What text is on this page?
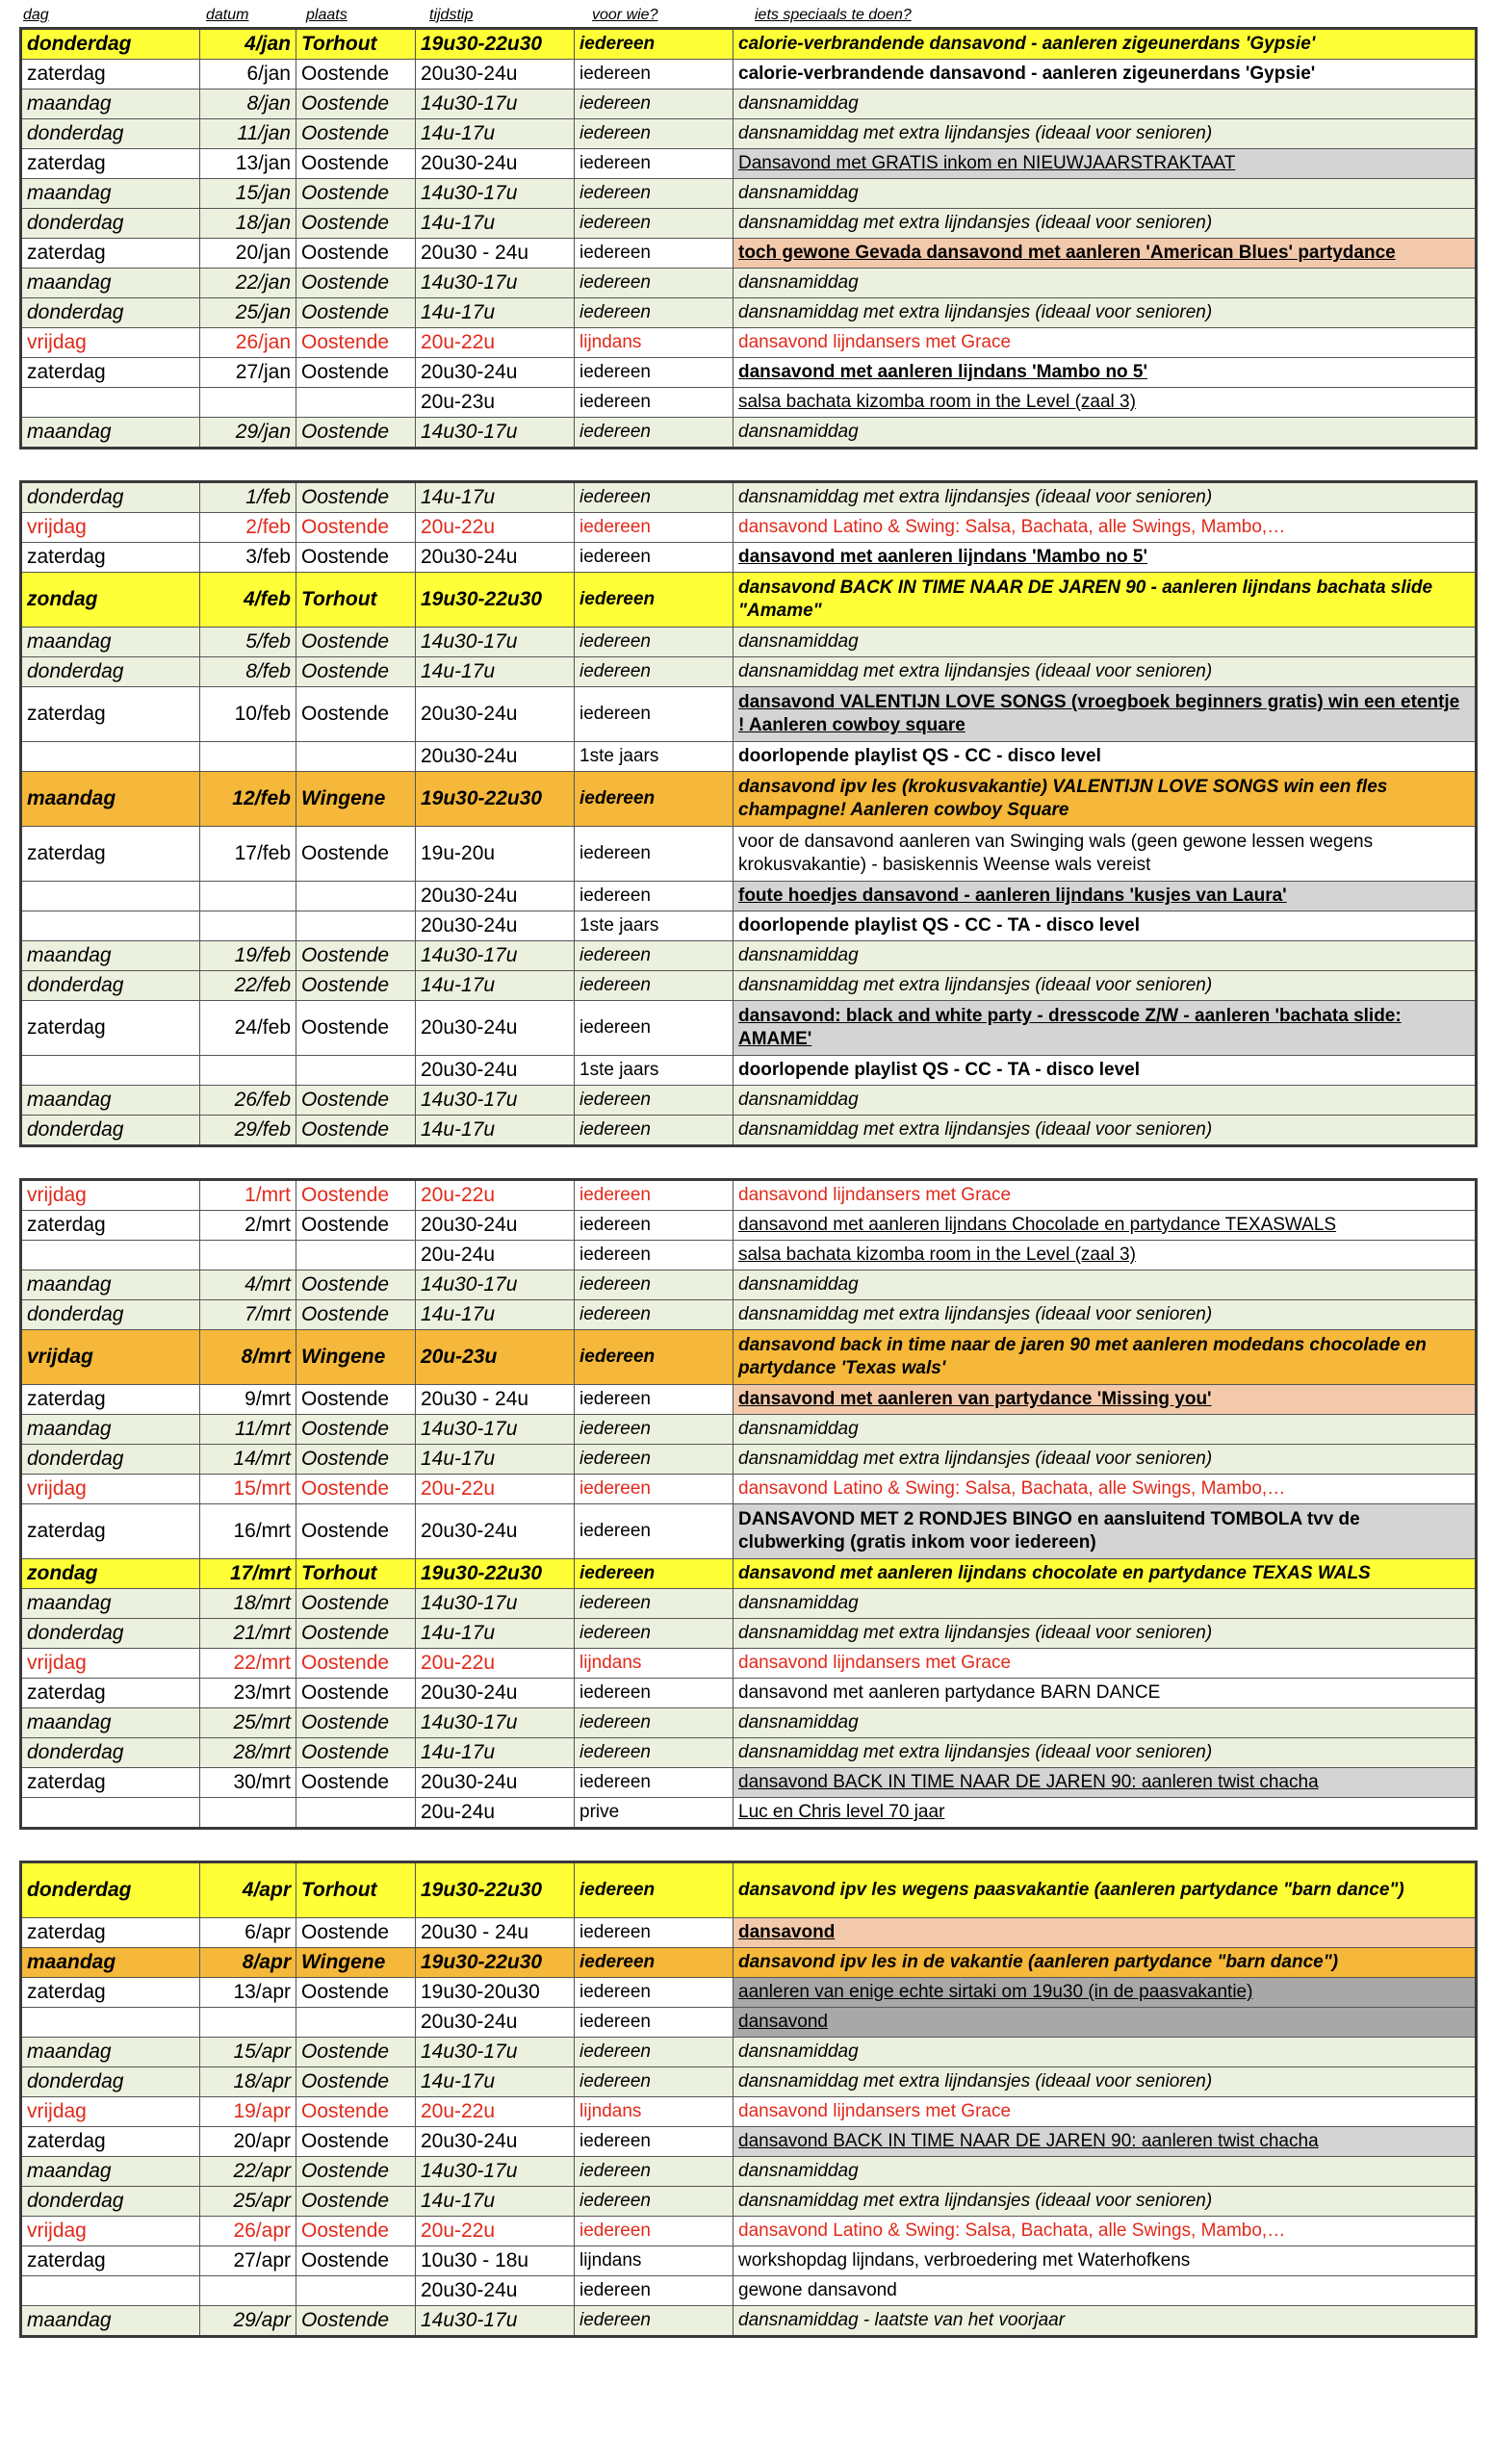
dag	datum	plaats	tijdstip	voor wie?	iets speciaals te doen?
donderdag	4/jan	Torhout	19u30-22u30	iedereen	calorie-verbrandende dansavond - aanleren zigeunerdans 'Gypsie'
zaterdag	6/jan	Oostende	20u30-24u	iedereen	calorie-verbrandende dansavond - aanleren zigeunerdans 'Gypsie'
maandag	8/jan	Oostende	14u30-17u	iedereen	dansnamiddag
donderdag	11/jan	Oostende	14u-17u	iedereen	dansnamiddag met extra lijndansjes (ideaal voor senioren)
zaterdag	13/jan	Oostende	20u30-24u	iedereen	Dansavond met GRATIS inkom en NIEUWJAARSTRAKTAAT
maandag	15/jan	Oostende	14u30-17u	iedereen	dansnamiddag
donderdag	18/jan	Oostende	14u-17u	iedereen	dansnamiddag met extra lijndansjes (ideaal voor senioren)
zaterdag	20/jan	Oostende	20u30 - 24u	iedereen	toch gewone Gevada dansavond met aanleren 'American Blues' partydance
maandag	22/jan	Oostende	14u30-17u	iedereen	dansnamiddag
donderdag	25/jan	Oostende	14u-17u	iedereen	dansnamiddag met extra lijndansjes (ideaal voor senioren)
vrijdag	26/jan	Oostende	20u-22u	lijndans	dansavond lijndansers met Grace
zaterdag	27/jan	Oostende	20u30-24u	iedereen	dansavond met aanleren lijndans 'Mambo no 5'
			20u-23u	iedereen	salsa bachata kizomba room in the Level (zaal 3)
maandag	29/jan	Oostende	14u30-17u	iedereen	dansnamiddag
donderdag	1/feb	Oostende	14u-17u	iedereen	dansnamiddag met extra lijndansjes (ideaal voor senioren)
vrijdag	2/feb	Oostende	20u-22u	iedereen	dansavond Latino & Swing: Salsa, Bachata, alle Swings, Mambo,…
zaterdag	3/feb	Oostende	20u30-24u	iedereen	dansavond met aanleren lijndans 'Mambo no 5'
zondag	4/feb	Torhout	19u30-22u30	iedereen	dansavond BACK IN TIME NAAR DE JAREN 90 - aanleren lijndans bachata slide "Amame"
maandag	5/feb	Oostende	14u30-17u	iedereen	dansnamiddag
donderdag	8/feb	Oostende	14u-17u	iedereen	dansnamiddag met extra lijndansjes (ideaal voor senioren)
zaterdag	10/feb	Oostende	20u30-24u	iedereen	dansavond VALENTIJN LOVE SONGS (vroegboek beginners gratis) win een etentje ! Aanleren cowboy square
			20u30-24u	1ste jaars	doorlopende playlist QS - CC - disco level
maandag	12/feb	Wingene	19u30-22u30	iedereen	dansavond ipv les (krokusvakantie) VALENTIJN LOVE SONGS win een fles champagne! Aanleren cowboy Square
zaterdag	17/feb	Oostende	19u-20u	iedereen	voor de dansavond aanleren van Swinging wals (geen gewone lessen wegens krokusvakantie) - basiskennis Weense wals vereist
			20u30-24u	iedereen	foute hoedjes dansavond - aanleren lijndans 'kusjes van Laura'
			20u30-24u	1ste jaars	doorlopende playlist QS - CC - TA - disco level
maandag	19/feb	Oostende	14u30-17u	iedereen	dansnamiddag
donderdag	22/feb	Oostende	14u-17u	iedereen	dansnamiddag met extra lijndansjes (ideaal voor senioren)
zaterdag	24/feb	Oostende	20u30-24u	iedereen	dansavond: black and white party - dresscode Z/W - aanleren 'bachata slide: AMAME'
			20u30-24u	1ste jaars	doorlopende playlist QS - CC - TA - disco level
maandag	26/feb	Oostende	14u30-17u	iedereen	dansnamiddag
donderdag	29/feb	Oostende	14u-17u	iedereen	dansnamiddag met extra lijndansjes (ideaal voor senioren)
vrijdag	1/mrt	Oostende	20u-22u	iedereen	dansavond lijndansers met Grace
zaterdag	2/mrt	Oostende	20u30-24u	iedereen	dansavond met aanleren lijndans Chocolade en partydance TEXASWALS
			20u-24u	iedereen	salsa bachata kizomba room in the Level (zaal 3)
maandag	4/mrt	Oostende	14u30-17u	iedereen	dansnamiddag
donderdag	7/mrt	Oostende	14u-17u	iedereen	dansnamiddag met extra lijndansjes (ideaal voor senioren)
vrijdag	8/mrt	Wingene	20u-23u	iedereen	dansavond back in time naar de jaren 90 met aanleren modedans chocolade en partydance 'Texas wals'
zaterdag	9/mrt	Oostende	20u30 - 24u	iedereen	dansavond met aanleren van partydance 'Missing you'
maandag	11/mrt	Oostende	14u30-17u	iedereen	dansnamiddag
donderdag	14/mrt	Oostende	14u-17u	iedereen	dansnamiddag met extra lijndansjes (ideaal voor senioren)
vrijdag	15/mrt	Oostende	20u-22u	iedereen	dansavond Latino & Swing: Salsa, Bachata, alle Swings, Mambo,…
zaterdag	16/mrt	Oostende	20u30-24u	iedereen	DANSAVOND MET 2 RONDJES BINGO en aansluitend TOMBOLA tvv de clubwerking (gratis inkom voor iedereen)
zondag	17/mrt	Torhout	19u30-22u30	iedereen	dansavond met aanleren lijndans chocolate en partydance TEXAS WALS
maandag	18/mrt	Oostende	14u30-17u	iedereen	dansnamiddag
donderdag	21/mrt	Oostende	14u-17u	iedereen	dansnamiddag met extra lijndansjes (ideaal voor senioren)
vrijdag	22/mrt	Oostende	20u-22u	lijndans	dansavond lijndansers met Grace
zaterdag	23/mrt	Oostende	20u30-24u	iedereen	dansavond met aanleren partydance BARN DANCE
maandag	25/mrt	Oostende	14u30-17u	iedereen	dansnamiddag
donderdag	28/mrt	Oostende	14u-17u	iedereen	dansnamiddag met extra lijndansjes (ideaal voor senioren)
zaterdag	30/mrt	Oostende	20u30-24u	iedereen	dansavond BACK IN TIME NAAR DE JAREN 90: aanleren twist chacha
			20u-24u	prive	Luc en Chris level 70 jaar
donderdag	4/apr	Torhout	19u30-22u30	iedereen	dansavond ipv les wegens paasvakantie (aanleren partydance "barn dance")
zaterdag	6/apr	Oostende	20u30 - 24u	iedereen	dansavond
maandag	8/apr	Wingene	19u30-22u30	iedereen	dansavond ipv les in de vakantie (aanleren partydance "barn dance")
zaterdag	13/apr	Oostende	19u30-20u30	iedereen	aanleren van enige echte sirtaki om 19u30 (in de paasvakantie)
			20u30-24u	iedereen	dansavond
maandag	15/apr	Oostende	14u30-17u	iedereen	dansnamiddag
donderdag	18/apr	Oostende	14u-17u	iedereen	dansnamiddag met extra lijndansjes (ideaal voor senioren)
vrijdag	19/apr	Oostende	20u-22u	lijndans	dansavond lijndansers met Grace
zaterdag	20/apr	Oostende	20u30-24u	iedereen	dansavond BACK IN TIME NAAR DE JAREN 90: aanleren twist chacha
maandag	22/apr	Oostende	14u30-17u	iedereen	dansnamiddag
donderdag	25/apr	Oostende	14u-17u	iedereen	dansnamiddag met extra lijndansjes (ideaal voor senioren)
vrijdag	26/apr	Oostende	20u-22u	iedereen	dansavond Latino & Swing: Salsa, Bachata, alle Swings, Mambo,…
zaterdag	27/apr	Oostende	10u30 - 18u	lijndans	workshopdag lijndans, verbroedering met Waterhofkens
			20u30-24u	iedereen	gewone dansavond
maandag	29/apr	Oostende	14u30-17u	iedereen	dansnamiddag - laatste van het voorjaar
